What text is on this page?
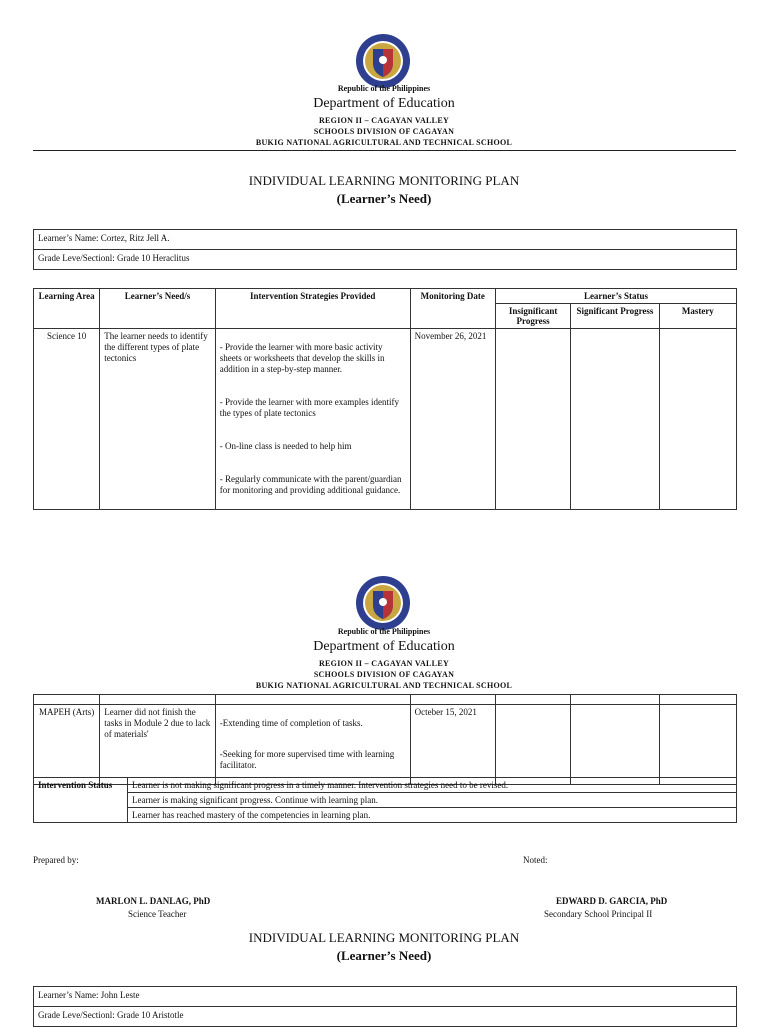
Republic of the Philippines
Department of Education
REGION II – CAGAYAN VALLEY
SCHOOLS DIVISION OF CAGAYAN
BUKIG NATIONAL AGRICULTURAL AND TECHNICAL SCHOOL
INDIVIDUAL LEARNING MONITORING PLAN
(Learner’s Need)
Learner’s Name: Cortez, Ritz Jell A.
Grade Leve/Sectionl: Grade 10 Heraclitus
Learning Area	Learner’s Need/s	Intervention Strategies Provided	Monitoring Date	Learner’s Status		
				Insignificant Progress	Significant Progress	Mastery
Science 10	The learner needs to identify the different types of plate tectonics	- Provide the learner with more basic activity sheets or worksheets that develop the skills in addition in a step-by-step manner.

- Provide the learner with more examples identify the types of plate tectonics

- On-line class is needed to help him

- Regularly communicate with the parent/guardian for monitoring and providing additional guidance.	November 26, 2021			
Republic of the Philippines
Department of Education
REGION II – CAGAYAN VALLEY
SCHOOLS DIVISION OF CAGAYAN
BUKIG NATIONAL AGRICULTURAL AND TECHNICAL SCHOOL

MAPEH (Arts)	Learner did not finish the tasks in Module 2 due to lack of materials'	-Extending time of completion of tasks.

-Seeking for more supervised time with learning facilitator.	Octeber 15, 2021			
Intervention Status	Learner is not making significant progress in a timely manner. Intervention strategies need to be revised.
Learner is making significant progress. Continue with learning plan.
Learner has reached mastery of the competencies in learning plan.
Prepared by:	Noted:
MARLON L. DANLAG, PhD
Science Teacher
EDWARD D. GARCIA, PhD
Secondary School Principal II
INDIVIDUAL LEARNING MONITORING PLAN
(Learner’s Need)
Learner’s Name: John Leste
Grade Leve/Sectionl: Grade 10 Aristotle
